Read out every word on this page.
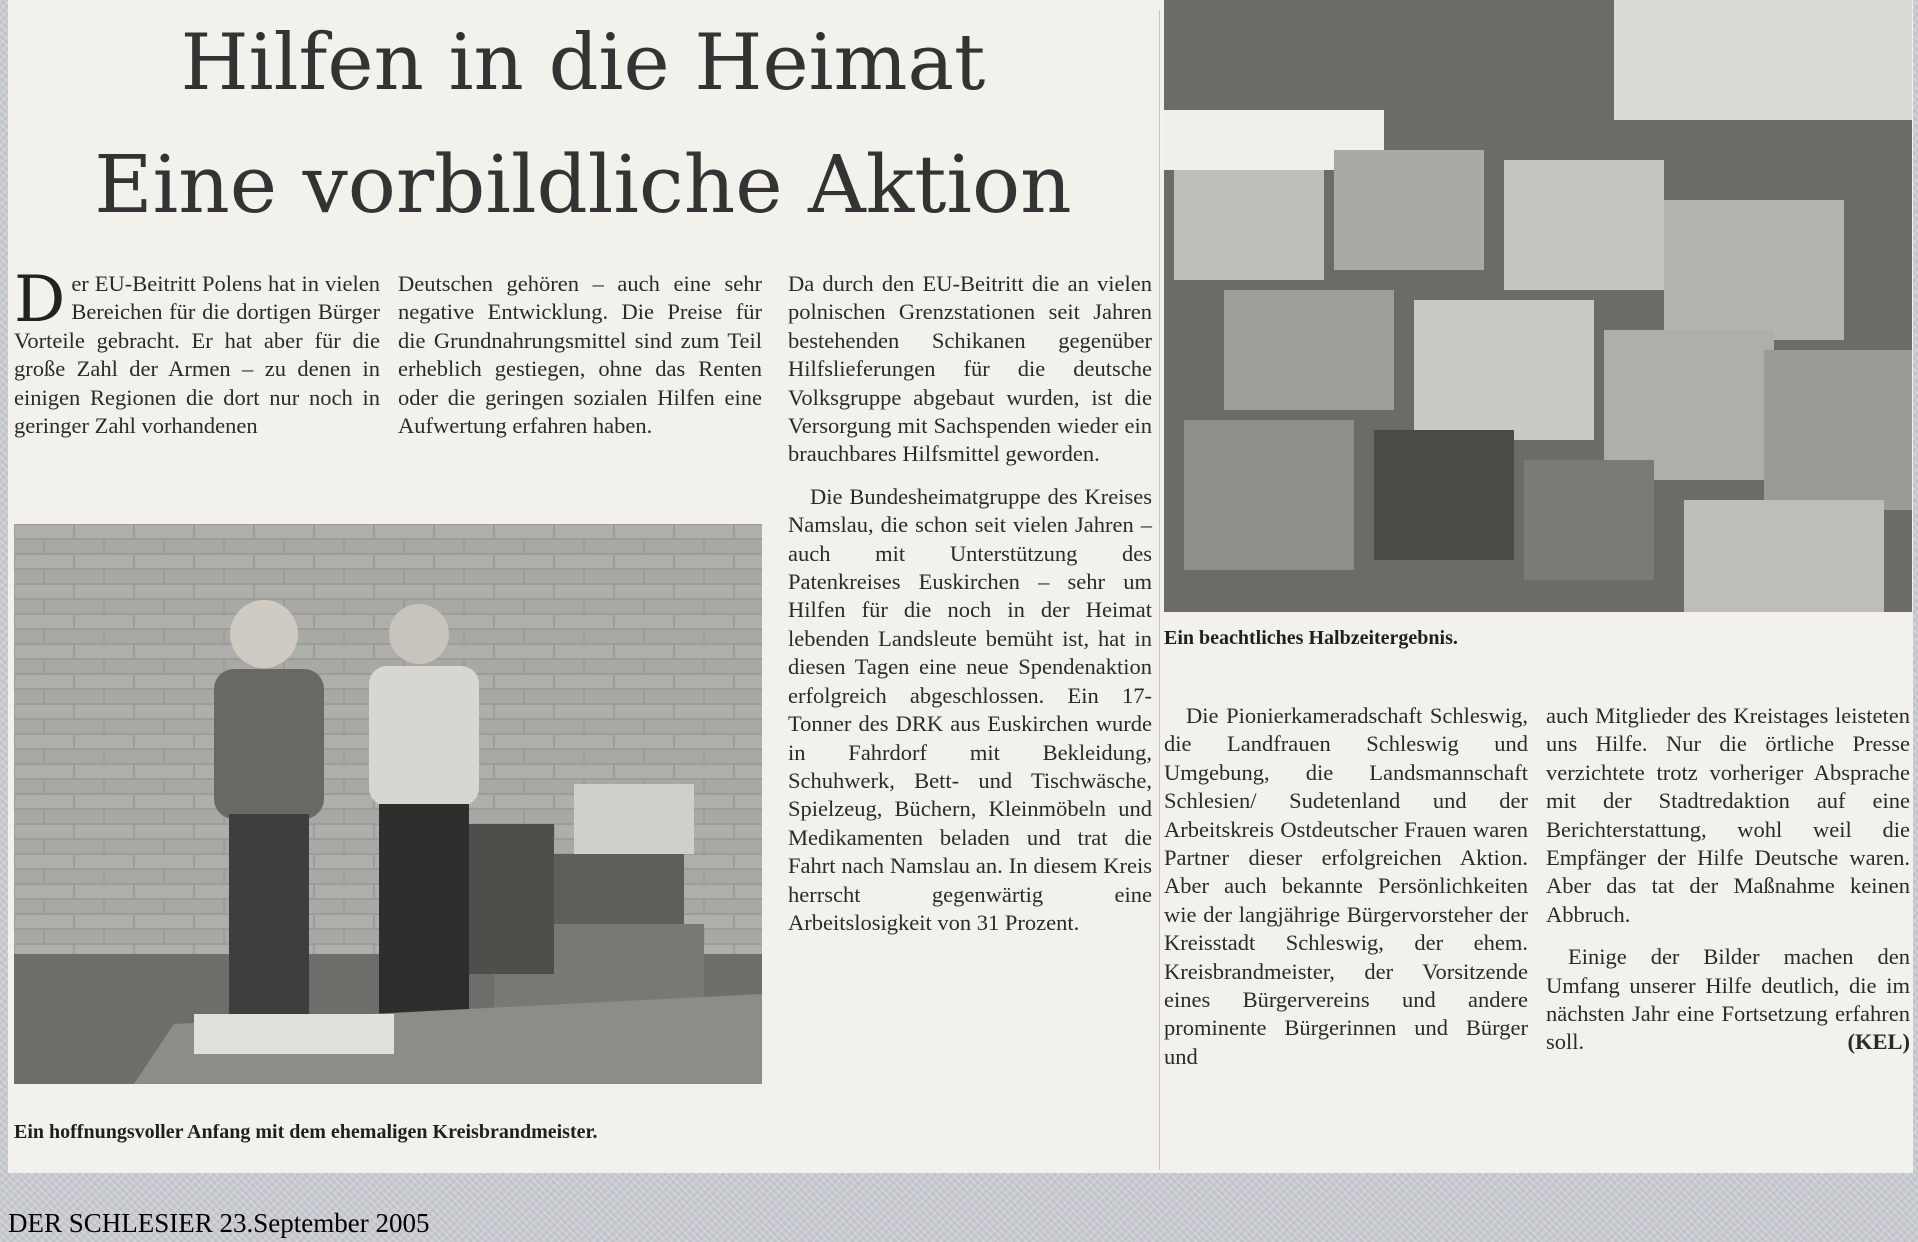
Hilfen in die Heimat
Eine vorbildliche Aktion

Der EU-Beitritt Polens hat in vielen Bereichen für die dortigen Bürger Vorteile gebracht. Er hat aber für die große Zahl der Armen – zu denen in einigen Regionen die dort nur noch in geringer Zahl vorhandenen

Deutschen gehören – auch eine sehr negative Entwicklung. Die Preise für die Grundnahrungsmittel sind zum Teil erheblich gestiegen, ohne das Renten oder die geringen sozialen Hilfen eine Aufwertung erfahren haben.

Ein hoffnungsvoller Anfang mit dem ehemaligen Kreisbrandmeister.

Da durch den EU-Beitritt die an vielen polnischen Grenzstationen seit Jahren bestehenden Schikanen gegenüber Hilfslieferungen für die deutsche Volksgruppe abgebaut wurden, ist die Versorgung mit Sachspenden wieder ein brauchbares Hilfsmittel geworden.

Die Bundesheimatgruppe des Kreises Namslau, die schon seit vielen Jahren – auch mit Unterstützung des Patenkreises Euskirchen – sehr um Hilfen für die noch in der Heimat lebenden Landsleute bemüht ist, hat in diesen Tagen eine neue Spendenaktion erfolgreich abgeschlossen. Ein 17-Tonner des DRK aus Euskirchen wurde in Fahrdorf mit Bekleidung, Schuhwerk, Bett- und Tischwäsche, Spielzeug, Büchern, Kleinmöbeln und Medikamenten beladen und trat die Fahrt nach Namslau an. In diesem Kreis herrscht gegenwärtig eine Arbeitslosigkeit von 31 Prozent.

Ein beachtliches Halbzeitergebnis.

Die Pionierkameradschaft Schleswig, die Landfrauen Schleswig und Umgebung, die Landsmannschaft Schlesien/ Sudetenland und der Arbeitskreis Ostdeutscher Frauen waren Partner dieser erfolgreichen Aktion. Aber auch bekannte Persönlichkeiten wie der langjährige Bürgervorsteher der Kreisstadt Schleswig, der ehem. Kreisbrandmeister, der Vorsitzende eines Bürgervereins und andere prominente Bürgerinnen und Bürger und

auch Mitglieder des Kreistages leisteten uns Hilfe. Nur die örtliche Presse verzichtete trotz vorheriger Absprache mit der Stadtredaktion auf eine Berichterstattung, wohl weil die Empfänger der Hilfe Deutsche waren. Aber das tat der Maßnahme keinen Abbruch.

Einige der Bilder machen den Umfang unserer Hilfe deutlich, die im nächsten Jahr eine Fortsetzung erfahren soll.	(KEL)

DER SCHLESIER 23.September 2005
